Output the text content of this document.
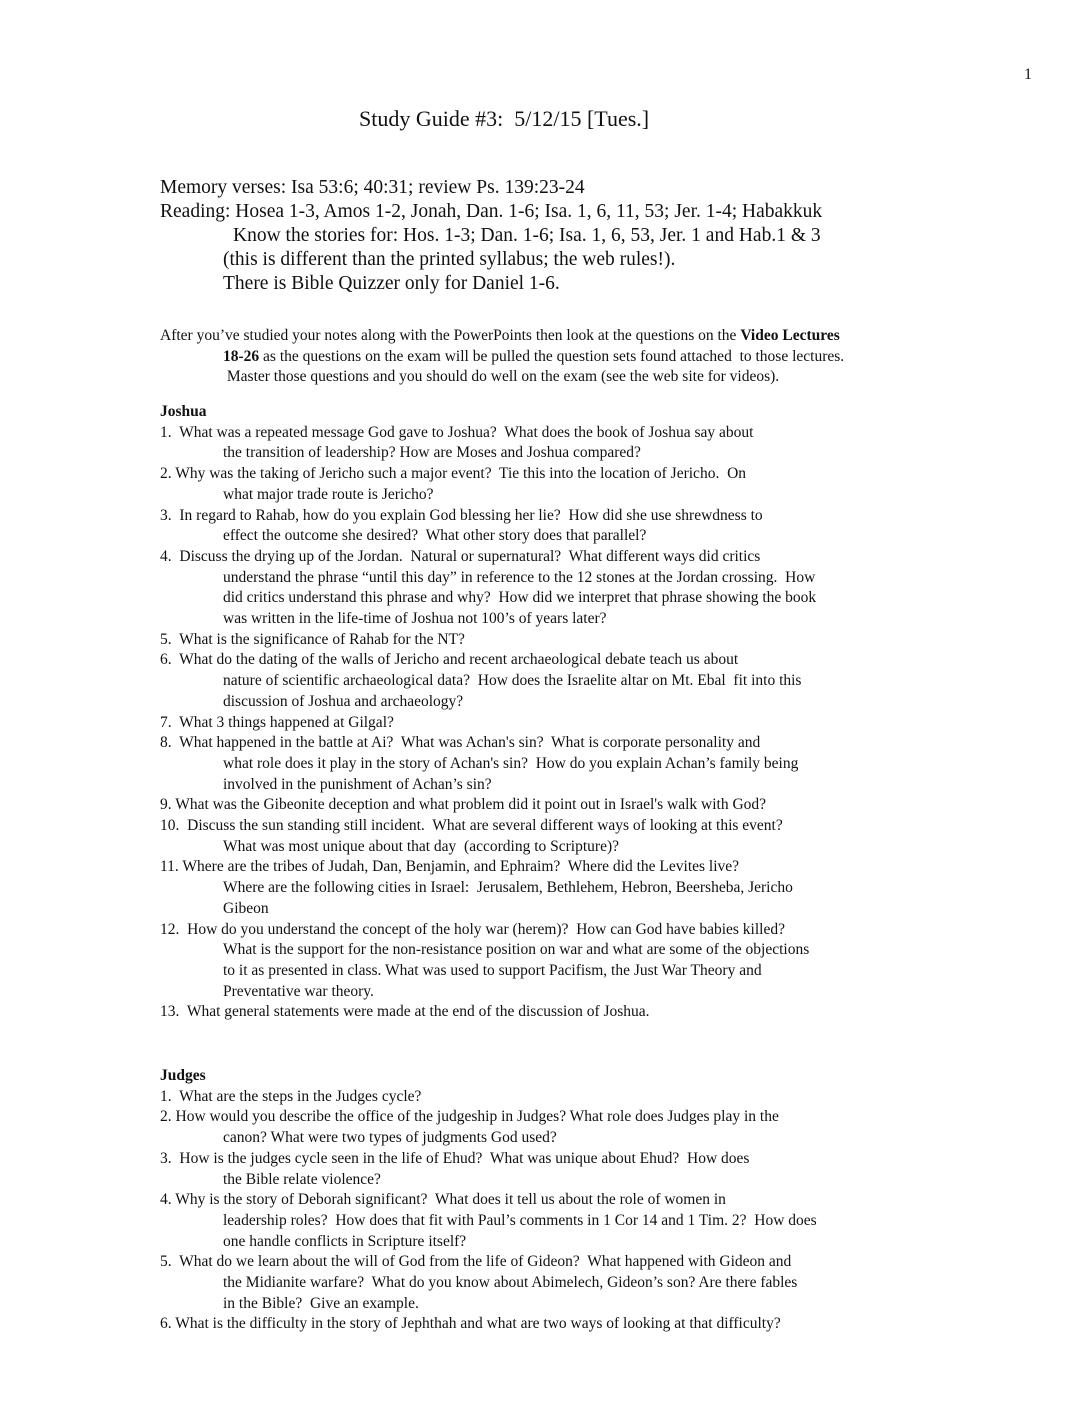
1
Study Guide #3:  5/12/15 [Tues.]
Memory verses: Isa 53:6; 40:31; review Ps. 139:23-24
Reading: Hosea 1-3, Amos 1-2, Jonah, Dan. 1-6; Isa. 1, 6, 11, 53; Jer. 1-4; Habakkuk
Know the stories for: Hos. 1-3; Dan. 1-6; Isa. 1, 6, 53, Jer. 1 and Hab.1 & 3
(this is different than the printed syllabus; the web rules!).
There is Bible Quizzer only for Daniel 1-6.
After you’ve studied your notes along with the PowerPoints then look at the questions on the Video Lectures
18-26 as the questions on the exam will be pulled the question sets found attached  to those lectures.
Master those questions and you should do well on the exam (see the web site for videos).
Joshua
1.  What was a repeated message God gave to Joshua?  What does the book of Joshua say about
the transition of leadership? How are Moses and Joshua compared?
2. Why was the taking of Jericho such a major event?  Tie this into the location of Jericho.  On
what major trade route is Jericho?
3.  In regard to Rahab, how do you explain God blessing her lie?  How did she use shrewdness to
effect the outcome she desired?  What other story does that parallel?
4.  Discuss the drying up of the Jordan.  Natural or supernatural?  What different ways did critics
understand the phrase “until this day” in reference to the 12 stones at the Jordan crossing.  How
did critics understand this phrase and why?  How did we interpret that phrase showing the book
was written in the life-time of Joshua not 100’s of years later?
5.  What is the significance of Rahab for the NT?
6.  What do the dating of the walls of Jericho and recent archaeological debate teach us about
nature of scientific archaeological data?  How does the Israelite altar on Mt. Ebal  fit into this
discussion of Joshua and archaeology?
7.  What 3 things happened at Gilgal?
8.  What happened in the battle at Ai?  What was Achan's sin?  What is corporate personality and
what role does it play in the story of Achan's sin?  How do you explain Achan’s family being
involved in the punishment of Achan’s sin?
9. What was the Gibeonite deception and what problem did it point out in Israel's walk with God?
10.  Discuss the sun standing still incident.  What are several different ways of looking at this event?
What was most unique about that day  (according to Scripture)?
11. Where are the tribes of Judah, Dan, Benjamin, and Ephraim?  Where did the Levites live?
Where are the following cities in Israel:  Jerusalem, Bethlehem, Hebron, Beersheba, Jericho
Gibeon
12.  How do you understand the concept of the holy war (herem)?  How can God have babies killed?
What is the support for the non-resistance position on war and what are some of the objections
to it as presented in class. What was used to support Pacifism, the Just War Theory and
Preventative war theory.
13.  What general statements were made at the end of the discussion of Joshua.
Judges
1.  What are the steps in the Judges cycle?
2. How would you describe the office of the judgeship in Judges? What role does Judges play in the
canon? What were two types of judgments God used?
3.  How is the judges cycle seen in the life of Ehud?  What was unique about Ehud?  How does
the Bible relate violence?
4. Why is the story of Deborah significant?  What does it tell us about the role of women in
leadership roles?  How does that fit with Paul’s comments in 1 Cor 14 and 1 Tim. 2?  How does
one handle conflicts in Scripture itself?
5.  What do we learn about the will of God from the life of Gideon?  What happened with Gideon and
the Midianite warfare?  What do you know about Abimelech, Gideon’s son? Are there fables
in the Bible?  Give an example.
6. What is the difficulty in the story of Jephthah and what are two ways of looking at that difficulty?
